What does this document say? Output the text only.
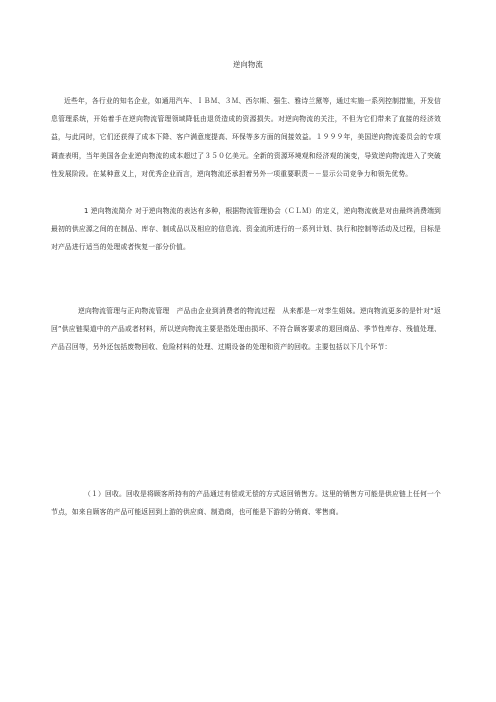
逆向物流

近些年，各行业的知名企业，如通用汽车、ＩＢＭ、３Ｍ、西尔斯、强生、雅诗兰黛等，通过实施一系列控制措施，开发信息管理系统，开始着手在逆向物流管理领域降低由退货造成的资源损失。对逆向物流的关注，不但为它们带来了直接的经济效益，与此同时，它们还获得了成本下降、客户满意度提高、环保等多方面的间接效益。１９９９年，美国逆向物流委员会的专项调查表明，当年美国各企业逆向物流的成本超过了３５０亿美元。全新的资源环境观和经济观的演变，导致逆向物流进入了突破性发展阶段。在某种意义上，对优秀企业而言，逆向物流还承担着另外一项重要职责－－显示公司竞争力和领先优势。

1 逆向物流简介 对于逆向物流的表达有多种，根据物流管理协会（ＣＬＭ）的定义，逆向物流就是对由最终消费端到最初的供应源之间的在制品、库存、制成品以及相应的信息流、资金流所进行的一系列计划、执行和控制等活动及过程，目标是对产品进行适当的处理或者恢复一部分价值。

逆向物流管理与正向物流管理　产品由企业到消费者的物流过程　从来都是一对孪生姐妹。逆向物流更多的是针对“返回”供应链渠道中的产品或者材料，所以逆向物流主要是指处理由损坏、不符合顾客要求的退回商品、季节性库存、残值处理、产品召回等，另外还包括废物回收、危险材料的处理、过期设备的处理和资产的回收。主要包括以下几个环节：

（１）回收。回收是将顾客所持有的产品通过有偿或无偿的方式返回销售方。这里的销售方可能是供应链上任何一个节点，如来自顾客的产品可能返回到上游的供应商、制造商，也可能是下游的分销商、零售商。
